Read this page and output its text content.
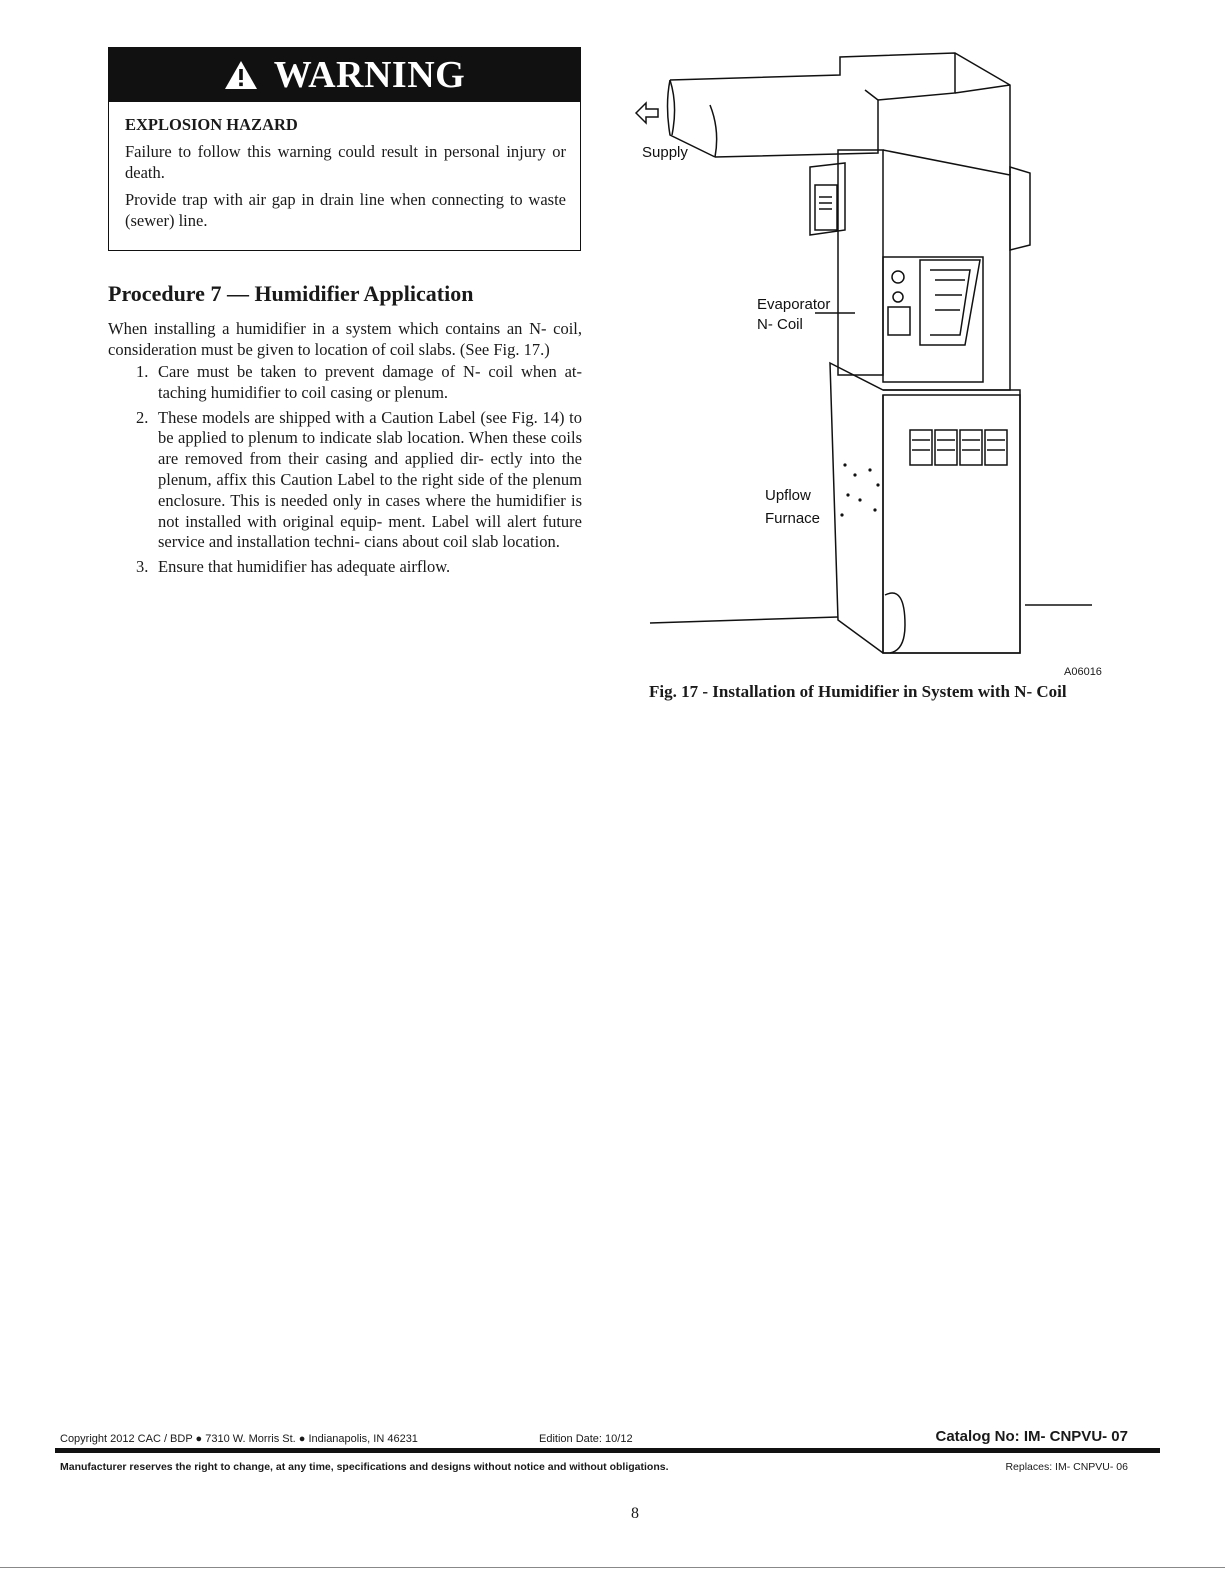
WARNING
EXPLOSION HAZARD

Failure to follow this warning could result in personal injury or death.

Provide trap with air gap in drain line when connecting to waste (sewer) line.

Procedure 7 — Humidifier Application

When installing a humidifier in a system which contains an N- coil, consideration must be given to location of coil slabs. (See Fig. 17.)

1. Care must be taken to prevent damage of N- coil when at- taching humidifier to coil casing or plenum.
2. These models are shipped with a Caution Label (see Fig. 14) to be applied to plenum to indicate slab location. When these coils are removed from their casing and applied dir- ectly into the plenum, affix this Caution Label to the right side of the plenum enclosure. This is needed only in cases where the humidifier is not installed with original equip- ment. Label will alert future service and installation techni- cians about coil slab location.
3. Ensure that humidifier has adequate airflow.
Supply
Evaporator
N- Coil
Upflow
Furnace
A06016
Fig. 17 - Installation of Humidifier in System with N- Coil
Copyright 2012 CAC / BDP ● 7310 W. Morris St. ● Indianapolis, IN 46231	Edition Date: 10/12	Catalog No: IM- CNPVU- 07
Manufacturer reserves the right to change, at any time, specifications and designs without notice and without obligations.	Replaces: IM- CNPVU- 06
8
